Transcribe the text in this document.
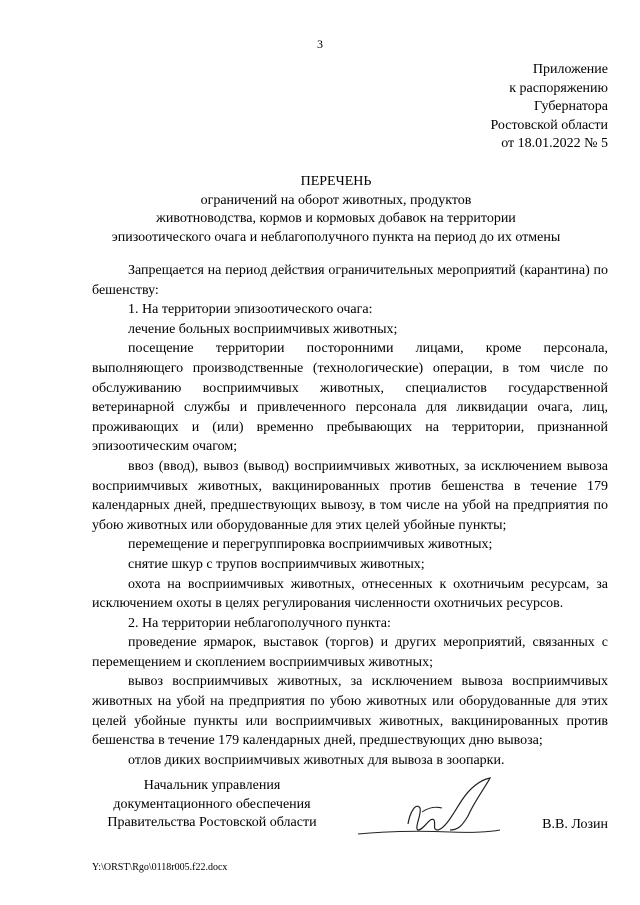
3
Приложение
к распоряжению
Губернатора
Ростовской области
от 18.01.2022 № 5
ПЕРЕЧЕНЬ
ограничений на оборот животных, продуктов
животноводства, кормов и кормовых добавок на территории
эпизоотического очага и неблагополучного пункта на период до их отмены

Запрещается на период действия ограничительных мероприятий (карантина) по бешенству:

1. На территории эпизоотического очага:

лечение больных восприимчивых животных;

посещение территории посторонними лицами, кроме персонала, выполняющего производственные (технологические) операции, в том числе по обслуживанию восприимчивых животных, специалистов государственной ветеринарной службы и привлеченного персонала для ликвидации очага, лиц, проживающих и (или) временно пребывающих на территории, признанной эпизоотическим очагом;

ввоз (ввод), вывоз (вывод) восприимчивых животных, за исключением вывоза восприимчивых животных, вакцинированных против бешенства в течение 179 календарных дней, предшествующих вывозу, в том числе на убой на предприятия по убою животных или оборудованные для этих целей убойные пункты;

перемещение и перегруппировка восприимчивых животных;

снятие шкур с трупов восприимчивых животных;

охота на восприимчивых животных, отнесенных к охотничьим ресурсам, за исключением охоты в целях регулирования численности охотничьих ресурсов.

2. На территории неблагополучного пункта:

проведение ярмарок, выставок (торгов) и других мероприятий, связанных с перемещением и скоплением восприимчивых животных;

вывоз восприимчивых животных, за исключением вывоза восприимчивых животных на убой на предприятия по убою животных или оборудованные для этих целей убойные пункты или восприимчивых животных, вакцинированных против бешенства в течение 179 календарных дней, предшествующих дню вывоза;

отлов диких восприимчивых животных для вывоза в зоопарки.

Начальник управления
документационного обеспечения
Правительства Ростовской области	В.В. Лозин
Y:\ORST\Rgo\0118r005.f22.docx
